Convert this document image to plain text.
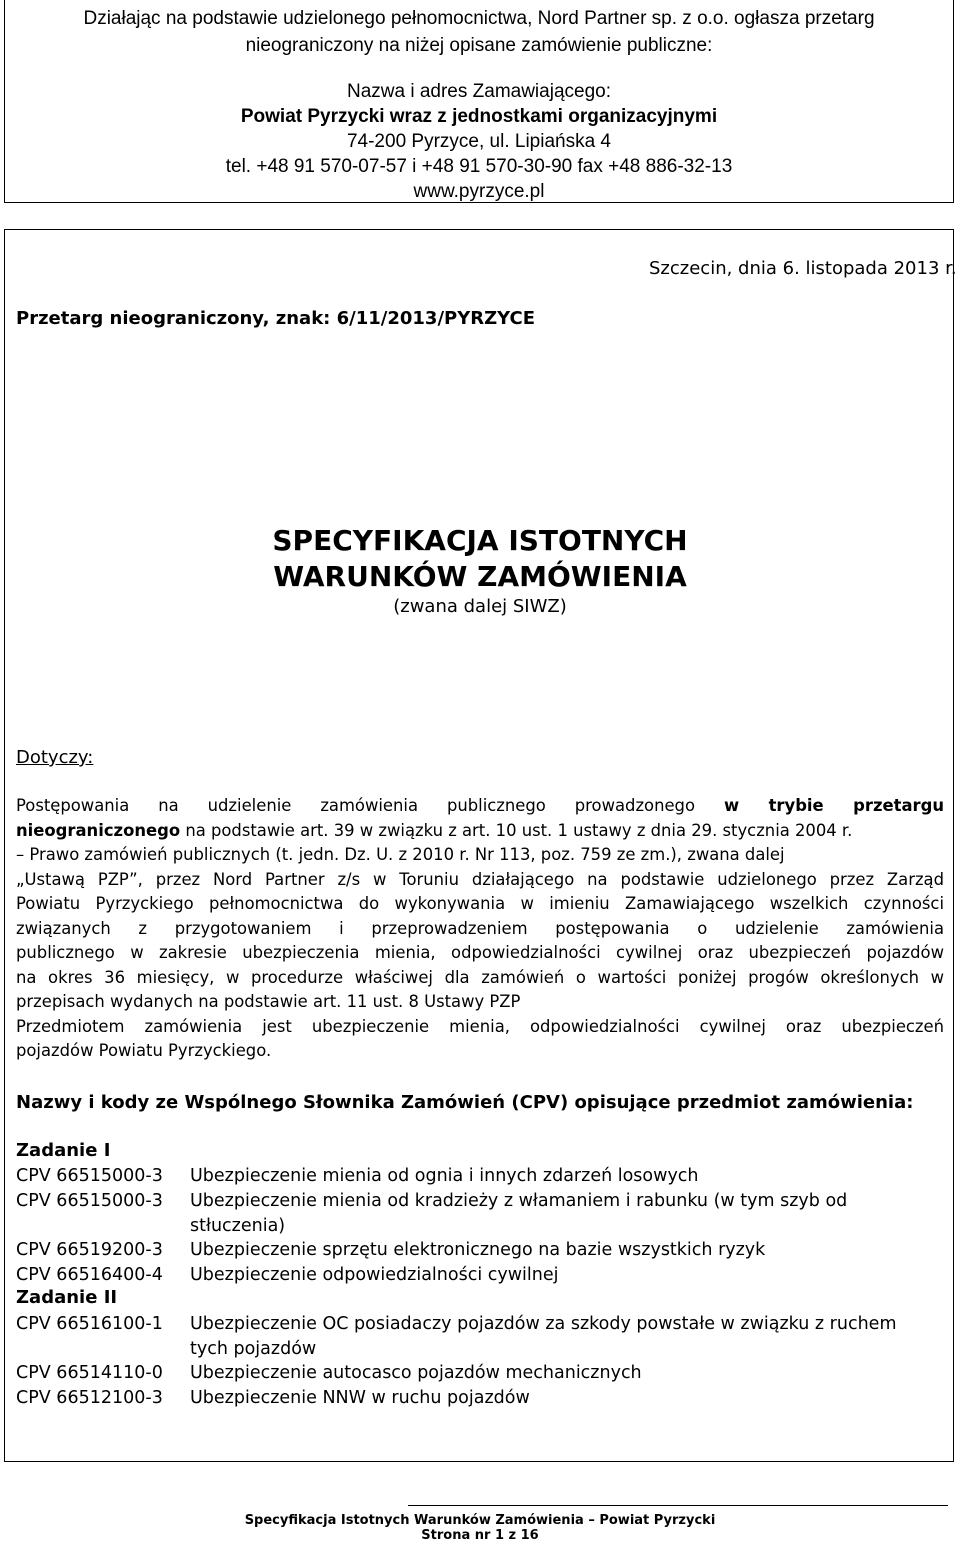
Działając na podstawie udzielonego pełnomocnictwa, Nord Partner sp. z o.o. ogłasza przetarg
nieograniczony na niżej opisane zamówienie publiczne:
Nazwa i adres Zamawiającego:
Powiat Pyrzycki wraz z jednostkami organizacyjnymi
74-200 Pyrzyce, ul. Lipiańska 4
tel. +48 91 570-07-57 i +48 91 570-30-90 fax +48 886-32-13
www.pyrzyce.pl
Szczecin, dnia 6. listopada 2013 r.
Przetarg nieograniczony, znak: 6/11/2013/PYRZYCE
SPECYFIKACJA ISTOTNYCH
WARUNKÓW ZAMÓWIENIA
(zwana dalej SIWZ)
Dotyczy:
Postępowania na udzielenie zamówienia publicznego prowadzonego w trybie przetargu
nieograniczonego na podstawie art. 39 w związku z art. 10 ust. 1 ustawy z dnia 29. stycznia 2004 r.
– Prawo zamówień publicznych (t. jedn. Dz. U. z 2010 r. Nr 113, poz. 759 ze zm.), zwana dalej
„Ustawą PZP”, przez Nord Partner z/s w Toruniu działającego na podstawie udzielonego przez Zarząd
Powiatu Pyrzyckiego pełnomocnictwa do wykonywania w imieniu Zamawiającego wszelkich czynności
związanych z przygotowaniem i przeprowadzeniem postępowania o udzielenie zamówienia
publicznego w zakresie ubezpieczenia mienia, odpowiedzialności cywilnej oraz ubezpieczeń pojazdów
na okres 36 miesięcy, w procedurze właściwej dla zamówień o wartości poniżej progów określonych w
przepisach wydanych na podstawie art. 11 ust. 8 Ustawy PZP
Przedmiotem zamówienia jest ubezpieczenie mienia, odpowiedzialności cywilnej oraz ubezpieczeń
pojazdów Powiatu Pyrzyckiego.
Nazwy i kody ze Wspólnego Słownika Zamówień (CPV) opisujące przedmiot zamówienia:
Zadanie I
CPV 66515000-3 Ubezpieczenie mienia od ognia i innych zdarzeń losowych
CPV 66515000-3 Ubezpieczenie mienia od kradzieży z włamaniem i rabunku (w tym szyb od stłuczenia)
CPV 66519200-3 Ubezpieczenie sprzętu elektronicznego na bazie wszystkich ryzyk
CPV 66516400-4 Ubezpieczenie odpowiedzialności cywilnej
Zadanie II
CPV 66516100-1 Ubezpieczenie OC posiadaczy pojazdów za szkody powstałe w związku z ruchem tych pojazdów
CPV 66514110-0 Ubezpieczenie autocasco pojazdów mechanicznych
CPV 66512100-3 Ubezpieczenie NNW w ruchu pojazdów
Specyfikacja Istotnych Warunków Zamówienia – Powiat Pyrzycki
Strona nr 1 z 16
